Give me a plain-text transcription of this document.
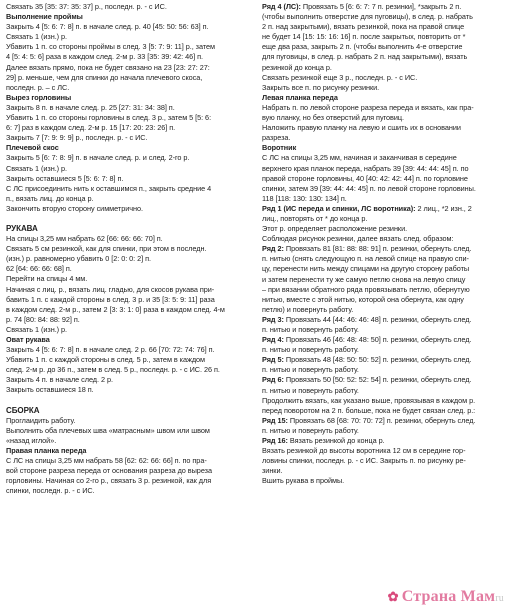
Связать 35 [35: 37: 35: 37] р., последн. р. - с ИС.
Выполнение проймы
Закрыть 4 [5: 6: 7: 8] п. в начале след. р. 40 [45: 50: 56: 63] п.
Связать 1 (изн.) р.
Убавить 1 п. со стороны проймы в след. 3 [5: 7: 9: 11] р., затем
4 [5: 4: 5: 6] раза в каждом след. 2-м р. 33 [35: 39: 42: 46] п.
Далее вязать прямо, пока не будет связано на 23 [23: 27: 27:
29] р. меньше, чем для спинки до начала плечевого скоса,
последн. р. – с ЛС.
Вырез горловины
Закрыть 8 п. в начале след. р. 25 [27: 31: 34: 38] п.
Убавить 1 п. со стороны горловины в след. 3 р., затем 5 [5: 6:
6: 7] раз в каждом след. 2-м р. 15 [17: 20: 23: 26] п.
Закрыть 7 [7: 9: 9: 9] р., последн. р. - с ИС.
Плечевой скос
Закрыть 5 [6: 7: 8: 9] п. в начале след. р. и след. 2-го р.
Связать 1 (изн.) р.
Закрыть оставшиеся 5 [5: 6: 7: 8] п.
С ЛС присоединить нить к оставшимся п., закрыть средние 4
п., вязать лиц. до конца р.
Закончить вторую сторону симметрично.
РУКАВА
На спицы 3,25 мм набрать 62 [66: 66: 66: 70] п.
Связать 5 см резинкой, как для спинки, при этом в последн.
(изн.) р. равномерно убавить 0 [2: 0: 0: 2] п.
62 [64: 66: 66: 68] п.
Перейти на спицы 4 мм.
Начиная с лиц. р., вязать лиц. гладью, для скосов рукава при-
бавить 1 п. с каждой стороны в след. 3 р. и 35 [3: 5: 9: 11] раза
в каждом след. 2-м р., затем 2 [3: 3: 1: 0] раза в каждом след. 4-м
р. 74 [80: 84: 88: 92] п.
Связать 1 (изн.) р.
Оват рукава
Закрыть 4 [5: 6: 7: 8] п. в начале след. 2 р. 66 [70: 72: 74: 76] п.
Убавить 1 п. с каждой стороны в след. 5 р., затем в каждом
след. 2-м р. до 36 п., затем в след. 5 р., последн. р. - с ИС. 26 п.
Закрыть 4 п. в начале след. 2 р.
Закрыть оставшиеся 18 п.
СБОРКА
Проглаидить работу.
Выполнить оба плечевых шва «матрасным» швом или швом
«назад иглой».
Правая планка переда
С ЛС на спицы 3,25 мм набрать 58 [62: 62: 66: 66] п. по пра-
вой стороне разреза переда от основания разреза до выреза
горловины. Начиная со 2-го р., связать 3 р. резинкой, как для
спинки, последн. р. - с ИС.
Ряд 4 (ЛС): Провязать 5 [6: 6: 7: 7 п. резинки], *закрыть 2 п.
(чтобы выполнить отверстие для пуговицы), в след. р. набрать
2 п. над закрытыми), вязать резинкой, пока на правой спице
не будет 14 [15: 15: 16: 16] п. после закрытых, повторить от *
еще два раза, закрыть 2 п. (чтобы выполнить 4-е отверстие
для пуговицы, в след. р. набрать 2 п. над закрытыми), вязать
резинкой до конца р.
Связать резинкой еще 3 р., последн. р. - с ИС.
Закрыть все п. по рисунку резинки.
Левая планка переда
Набрать п. по левой стороне разреза переда и вязать, как пра-
вую планку, но без отверстий для пуговиц.
Наложить правую планку на левую и сшить их в основании
разреза.
Воротник
С ЛС на спицы 3,25 мм, начиная и заканчивая в середине
верхнего края планок переда, набрать 39 [39: 44: 44: 45] п. по
правой стороне горловины, 40 [40: 42: 42: 44] п. по горловине
спинки, затем 39 [39: 44: 44: 45] п. по левой стороне горловины.
118 [118: 130: 130: 134] п.
Ряд 1 (ИС переда и спинки, ЛС воротника): 2 лиц., *2 изн., 2
лиц., повторять от * до конца р.
Этот р. определяет расположение резинки.
Соблюдая рисунок резинки, далее вязать след. образом:
Ряд 2: Провязать 81 [81: 88: 88: 91] п. резинки, обернуть след.
п. нитью (снять следующую п. на левой спице на правую спи-
цу, перенести нить между спицами на другую сторону работы
и затем перенести ту же самую петлю снова на левую спицу
– при вязании обратного ряда провязывать петлю, обернутую
нитью, вместе с этой нитью, которой она обернута, как одну
петлю) и повернуть работу.
Ряд 3: Провязать 44 [44: 46: 46: 48] п. резинки, обернуть след.
п. нитью и повернуть работу.
Ряд 4: Провязать 46 [46: 48: 48: 50] п. резинки, обернуть след.
п. нитью и повернуть работу.
Ряд 5: Провязать 48 [48: 50: 50: 52] п. резинки, обернуть след.
п. нитью и повернуть работу.
Ряд 6: Провязать 50 [50: 52: 52: 54] п. резинки, обернуть след.
п. нитью и повернуть работу.
Продолжить вязать, как указано выше, провязывая в каждом р.
перед поворотом на 2 п. больше, пока не будет связан след. р.:
Ряд 15: Провязать 68 [68: 70: 70: 72] п. резинки, обернуть след.
п. нитью и повернуть работу.
Ряд 16: Вязать резинкой до конца р.
Вязать резинкой до высоты воротника 12 см в середине гор-
ловины спинки, последн. р. - с ИС. Закрыть п. по рисунку ре-
зинки.
Вшить рукава в проймы.
✿ Страна Мамru
